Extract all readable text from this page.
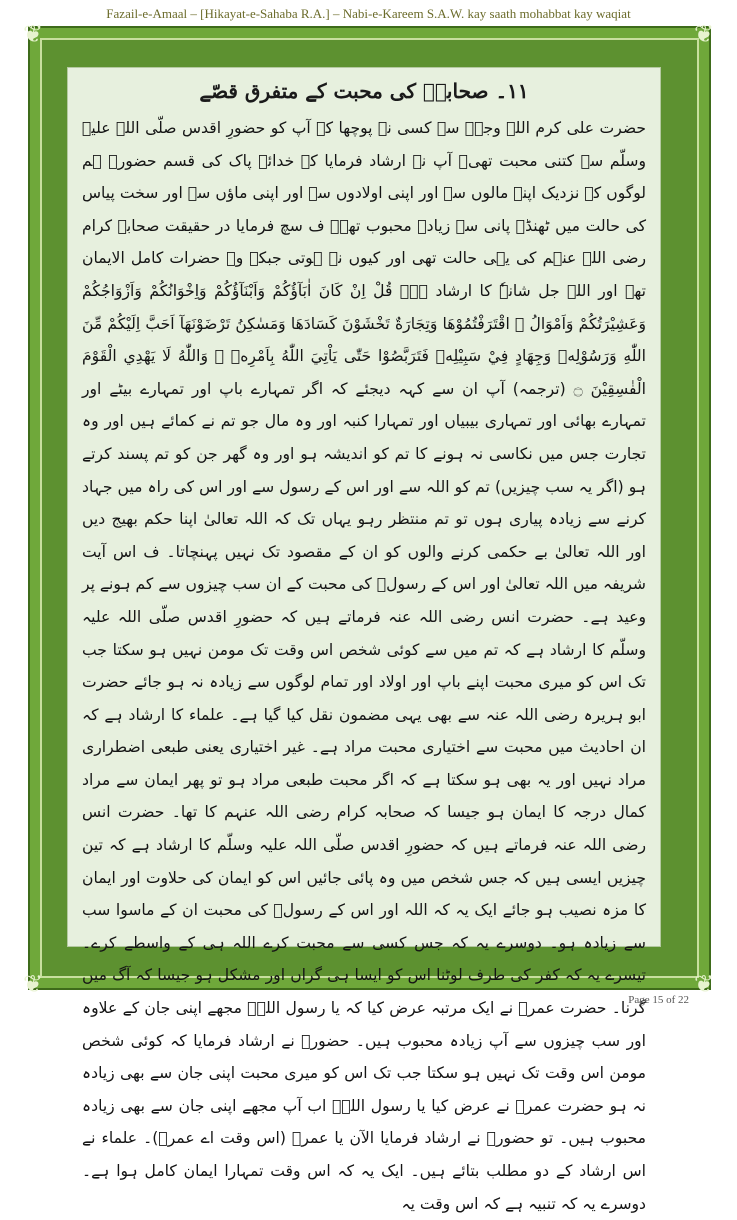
Fazail-e-Amaal – [Hikayat-e-Sahaba R.A.] – Nabi-e-Kareem S.A.W. kay saath mohabbat kay waqiat
❦	❦
❦	❦
۱۱۔ صحابہؓ کی محبت کے متفرق قصّے

حضرت علی کرم اللہ وجہہ سے کسی نے پوچھا کہ آپ کو حضورِ اقدس صلّی اللہ علیہ وسلّم سے کتنی محبت تھی۔ آپ نے ارشاد فرمایا کہ خدائے پاک کی قسم حضورؐ ہم لوگوں کے نزدیک اپنے مالوں سے اور اپنی اولادوں سے اور اپنی ماؤں سے اور سخت پیاس کی حالت میں ٹھنڈے پانی سے زیادہ محبوب تھے۔ ف سچ فرمایا در حقیقت صحابہ کرام رضی اللہ عنہم کی یہی حالت تھی اور کیوں نہ ہوتی جبکہ وہ حضرات کامل الایمان تھے اور اللہ جل شانہٗ کا ارشاد ہے۔ قُلْ اِنْ كَانَ اٰبَآؤُكُمْ وَاَبْنَآؤُكُمْ وَاِخْوَانُكُمْ وَاَزْوَاجُكُمْ وَعَشِيْرَتُكُمْ وَاَمْوَالُ ۨ اقْتَرَفْتُمُوْهَا وَتِجَارَةٌ تَخْشَوْنَ كَسَادَهَا وَمَسٰكِنُ تَرْضَوْنَهَآ اَحَبَّ اِلَيْكُمْ مِّنَ اللّٰهِ وَرَسُوْلِهٖ وَجِهَادٍ فِيْ سَبِيْلِهٖ فَتَرَبَّصُوْا حَتّٰى يَاْتِيَ اللّٰهُ بِاَمْرِهٖ ۭ وَاللّٰهُ لَا يَهْدِي الْقَوْمَ الْفٰسِقِيْنَ ۝ (ترجمہ) آپ ان سے کہہ دیجئے کہ اگر تمہارے باپ اور تمہارے بیٹے اور تمہارے بھائی اور تمہاری بیبیاں اور تمہارا کنبہ اور وہ مال جو تم نے کمائے ہیں اور وہ تجارت جس میں نکاسی نہ ہونے کا تم کو اندیشہ ہو اور وہ گھر جن کو تم پسند کرتے ہو (اگر یہ سب چیزیں) تم کو اللہ سے اور اس کے رسول سے اور اس کی راہ میں جہاد کرنے سے زیادہ پیاری ہوں تو تم منتظر رہو یہاں تک کہ اللہ تعالیٰ اپنا حکم بھیج دیں اور اللہ تعالیٰ بے حکمی کرنے والوں کو ان کے مقصود تک نہیں پہنچاتا۔ ف اس آیت شریفہ میں اللہ تعالیٰ اور اس کے رسولؐ کی محبت کے ان سب چیزوں سے کم ہونے پر وعید ہے۔ حضرت انس رضی اللہ عنہ فرماتے ہیں کہ حضورِ اقدس صلّی اللہ علیہ وسلّم کا ارشاد ہے کہ تم میں سے کوئی شخص اس وقت تک مومن نہیں ہو سکتا جب تک اس کو میری محبت اپنے باپ اور اولاد اور تمام لوگوں سے زیادہ نہ ہو جائے حضرت ابو ہریرہ رضی اللہ عنہ سے بھی یہی مضمون نقل کیا گیا ہے۔ علماء کا ارشاد ہے کہ ان احادیث میں محبت سے اختیاری محبت مراد ہے۔ غیر اختیاری یعنی طبعی اضطراری مراد نہیں اور یہ بھی ہو سکتا ہے کہ اگر محبت طبعی مراد ہو تو پھر ایمان سے مراد کمال درجہ کا ایمان ہو جیسا کہ صحابہ کرام رضی اللہ عنہم کا تھا۔ حضرت انس رضی اللہ عنہ فرماتے ہیں کہ حضورِ اقدس صلّی اللہ علیہ وسلّم کا ارشاد ہے کہ تین چیزیں ایسی ہیں کہ جس شخص میں وہ پائی جائیں اس کو ایمان کی حلاوت اور ایمان کا مزہ نصیب ہو جائے ایک یہ کہ اللہ اور اس کے رسولؐ کی محبت ان کے ماسوا سب سے زیادہ ہو۔ دوسرے یہ کہ جس کسی سے محبت کرے اللہ ہی کے واسطے کرے۔ تیسرے یہ کہ کفر کی طرف لوٹنا اس کو ایسا ہی گراں اور مشکل ہو جیسا کہ آگ میں گرنا۔ حضرت عمرؓ نے ایک مرتبہ عرض کیا کہ یا رسول اللہؐ مجھے اپنی جان کے علاوہ اور سب چیزوں سے آپ زیادہ محبوب ہیں۔ حضورؐ نے ارشاد فرمایا کہ کوئی شخص مومن اس وقت تک نہیں ہو سکتا جب تک اس کو میری محبت اپنی جان سے بھی زیادہ نہ ہو حضرت عمرؓ نے عرض کیا یا رسول اللہؐ اب آپ مجھے اپنی جان سے بھی زیادہ محبوب ہیں۔ تو حضورؐ نے ارشاد فرمایا الآن یا عمرؓ (اس وقت اے عمرؓ)۔ علماء نے اس ارشاد کے دو مطلب بتائے ہیں۔ ایک یہ کہ اس وقت تمہارا ایمان کامل ہوا ہے۔ دوسرے یہ کہ تنبیہ ہے کہ اس وقت یہ

Page 15 of 22
